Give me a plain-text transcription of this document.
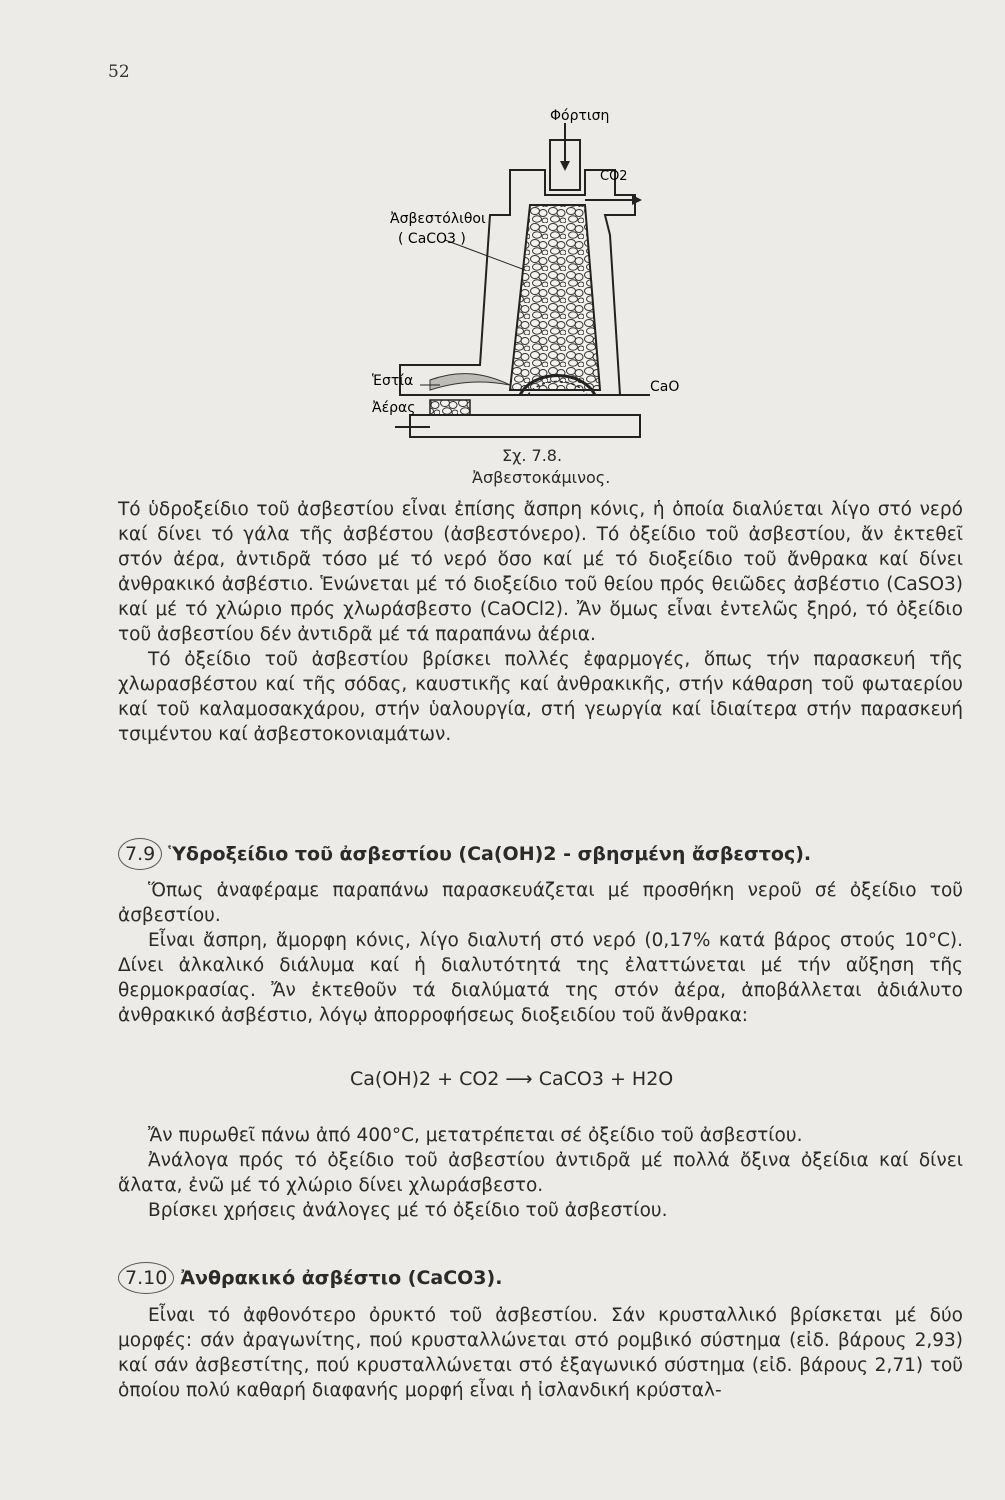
52
Φόρτιση
CO2
Ἀσβεστόλιθοι
( CaCO3 )
Ἑστία
Ἀέρας
CaO
Σχ. 7.8.
Ἀσβεστοκάμινος.

Τό ὑδροξείδιο τοῦ ἀσβεστίου εἶναι ἐπίσης ἄσπρη κόνις, ἡ ὁποία διαλύεται λίγο στό νερό καί δίνει τό γάλα τῆς ἀσβέστου (ἀσβεστόνερο). Τό ὀξείδιο τοῦ ἀσβεστίου, ἄν ἐκτεθεῖ στόν ἀέρα, ἀντιδρᾶ τόσο μέ τό νερό ὅσο καί μέ τό διοξείδιο τοῦ ἄνθρακα καί δίνει ἀνθρακικό ἀσβέστιο. Ἑνώνεται μέ τό διοξείδιο τοῦ θείου πρός θειῶδες ἀσβέστιο (CaSO3) καί μέ τό χλώριο πρός χλωράσβεστο (CaOCl2). Ἄν ὅμως εἶναι ἐντελῶς ξηρό, τό ὀξείδιο τοῦ ἀσβεστίου δέν ἀντιδρᾶ μέ τά παραπάνω ἀέρια.

Τό ὀξείδιο τοῦ ἀσβεστίου βρίσκει πολλές ἐφαρμογές, ὅπως τήν παρασκευή τῆς χλωρασβέστου καί τῆς σόδας, καυστικῆς καί ἀνθρακικῆς, στήν κάθαρση τοῦ φωταερίου καί τοῦ καλαμοσακχάρου, στήν ὑαλουργία, στή γεωργία καί ἰδιαίτερα στήν παρασκευή τσιμέντου καί ἀσβεστοκονιαμάτων.

7.9 Ὑδροξείδιο τοῦ ἀσβεστίου (Ca(OH)2 - σβησμένη ἄσβεστος).

Ὅπως ἀναφέραμε παραπάνω παρασκευάζεται μέ προσθήκη νεροῦ σέ ὀξείδιο τοῦ ἀσβεστίου.

Εἶναι ἄσπρη, ἄμορφη κόνις, λίγο διαλυτή στό νερό (0,17% κατά βάρος στούς 10°C). Δίνει ἀλκαλικό διάλυμα καί ἡ διαλυτότητά της ἐλαττώνεται μέ τήν αὔξηση τῆς θερμοκρασίας. Ἄν ἐκτεθοῦν τά διαλύματά της στόν ἀέρα, ἀποβάλλεται ἀδιάλυτο ἀνθρακικό ἀσβέστιο, λόγῳ ἀπορροφήσεως διοξειδίου τοῦ ἄνθρακα:

Ca(OH)2 + CO2 ⟶ CaCO3 + H2O

Ἄν πυρωθεῖ πάνω ἀπό 400°C, μετατρέπεται σέ ὀξείδιο τοῦ ἀσβεστίου.

Ἀνάλογα πρός τό ὀξείδιο τοῦ ἀσβεστίου ἀντιδρᾶ μέ πολλά ὄξινα ὀξείδια καί δίνει ἅλατα, ἐνῶ μέ τό χλώριο δίνει χλωράσβεστο.

Βρίσκει χρήσεις ἀνάλογες μέ τό ὀξείδιο τοῦ ἀσβεστίου.

7.10 Ἀνθρακικό ἀσβέστιο (CaCO3).

Εἶναι τό ἀφθονότερο ὀρυκτό τοῦ ἀσβεστίου. Σάν κρυσταλλικό βρίσκεται μέ δύο μορφές: σάν ἀραγωνίτης, πού κρυσταλλώνεται στό ρομβικό σύστημα (εἰδ. βάρους 2,93) καί σάν ἀσβεστίτης, πού κρυσταλλώνεται στό ἑξαγωνικό σύστημα (εἰδ. βάρους 2,71) τοῦ ὁποίου πολύ καθαρή διαφανής μορφή εἶναι ἡ ἰσλανδική κρύσταλ-
